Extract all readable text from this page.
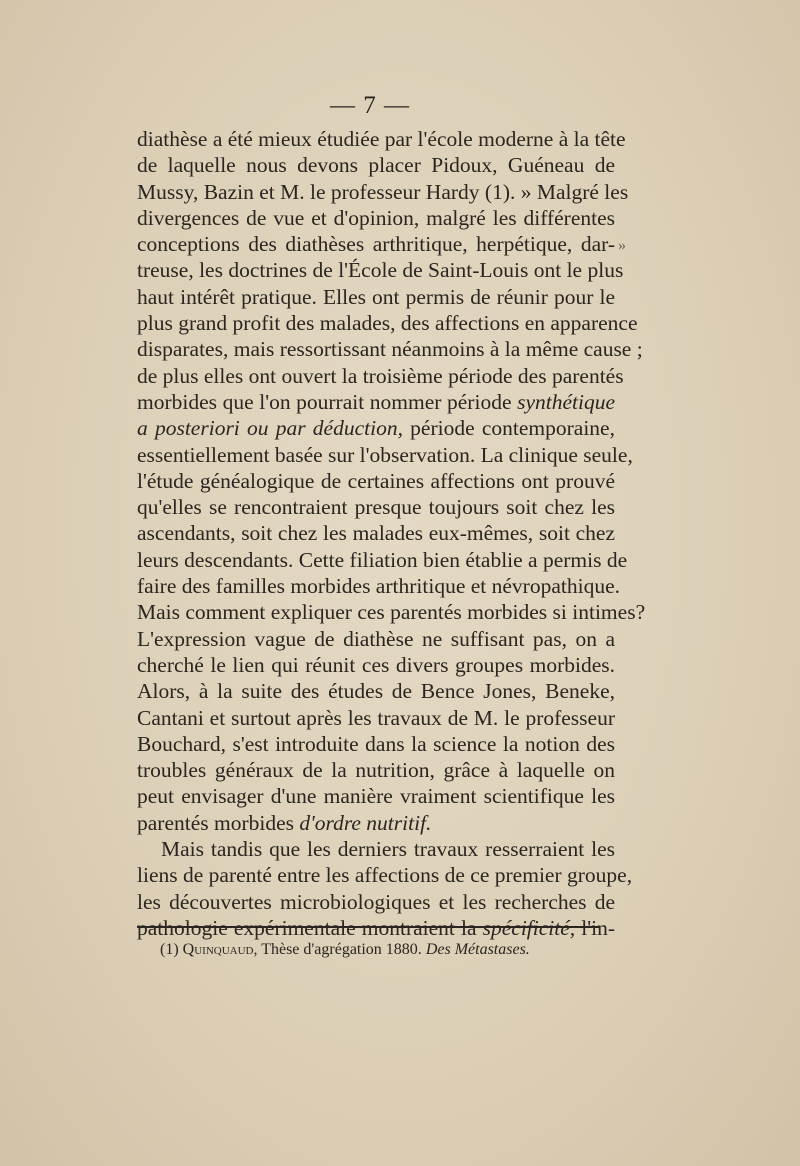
— 7 —
diathèse a été mieux étudiée par l'école moderne à la tête
de laquelle nous devons placer Pidoux, Guéneau de
Mussy, Bazin et M. le professeur Hardy (1). » Malgré les
divergences de vue et d'opinion, malgré les différentes
conceptions des diathèses arthritique, herpétique, dar-
treuse, les doctrines de l'École de Saint-Louis ont le plus
haut intérêt pratique. Elles ont permis de réunir pour le
plus grand profit des malades, des affections en apparence
disparates, mais ressortissant néanmoins à la même cause ;
de plus elles ont ouvert la troisième période des parentés
morbides que l'on pourrait nommer période synthétique
a posteriori ou par déduction, période contemporaine,
essentiellement basée sur l'observation. La clinique seule,
l'étude généalogique de certaines affections ont prouvé
qu'elles se rencontraient presque toujours soit chez les
ascendants, soit chez les malades eux-mêmes, soit chez
leurs descendants. Cette filiation bien établie a permis de
faire des familles morbides arthritique et névropathique.
Mais comment expliquer ces parentés morbides si intimes?
L'expression vague de diathèse ne suffisant pas, on a
cherché le lien qui réunit ces divers groupes morbides.
Alors, à la suite des études de Bence Jones, Beneke,
Cantani et surtout après les travaux de M. le professeur
Bouchard, s'est introduite dans la science la notion des
troubles généraux de la nutrition, grâce à laquelle on
peut envisager d'une manière vraiment scientifique les
parentés morbides d'ordre nutritif.
Mais tandis que les derniers travaux resserraient les
liens de parenté entre les affections de ce premier groupe,
les découvertes microbiologiques et les recherches de
pathologie expérimentale montraient la spécificité, l'in-
»
(1) Quinquaud, Thèse d'agrégation 1880. Des Métastases.
